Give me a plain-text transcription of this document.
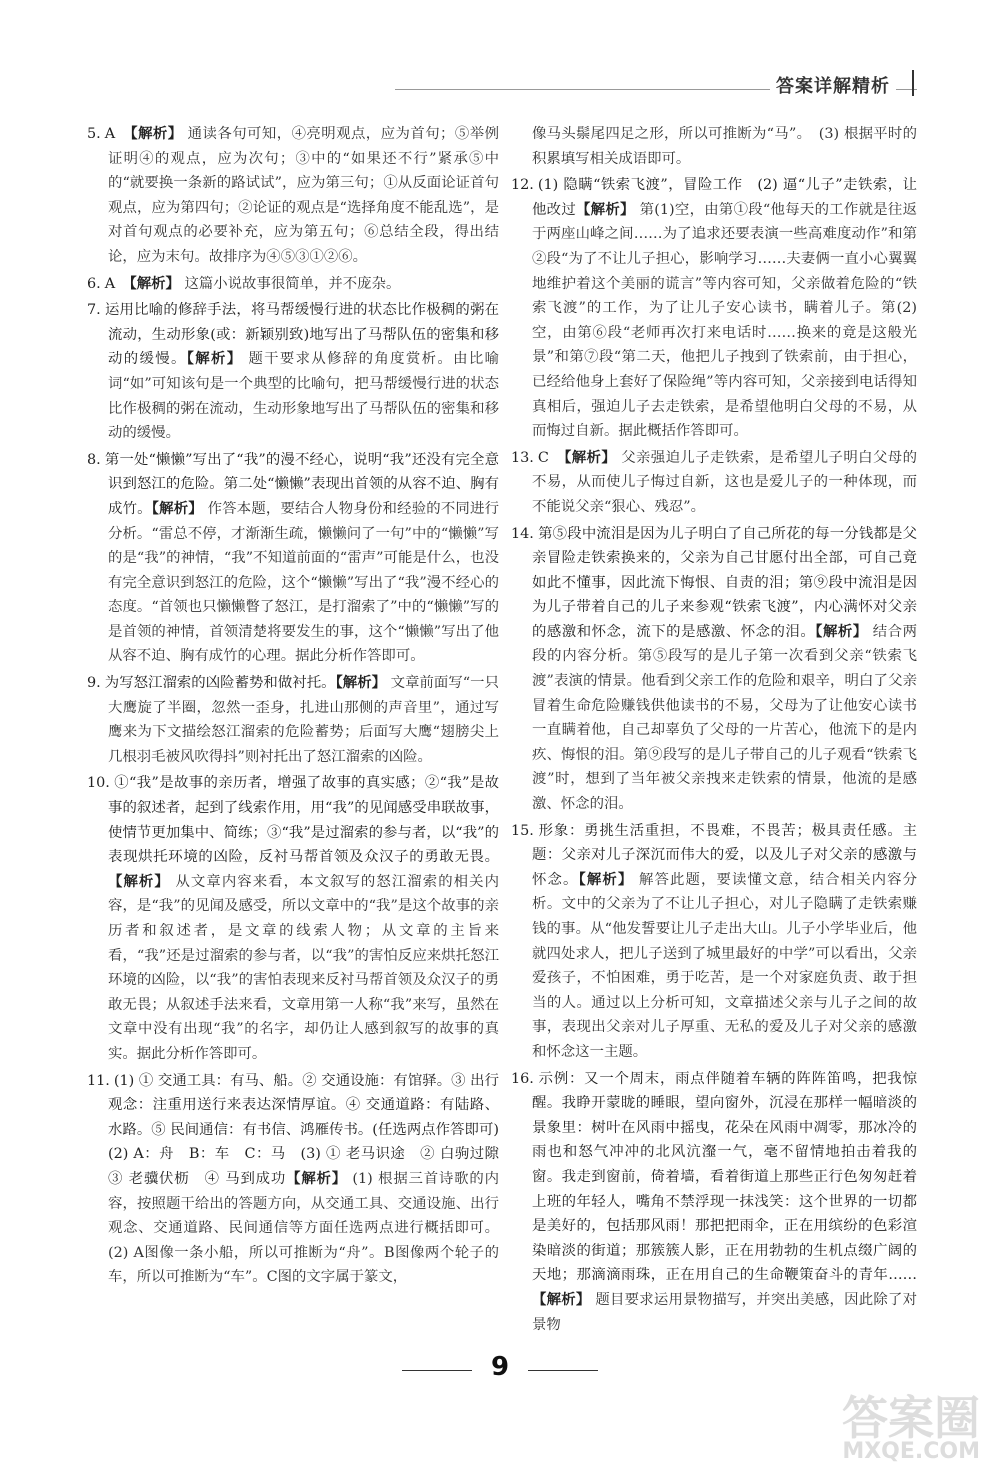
答案详解精析

5. A　【解析】 通读各句可知，④亮明观点，应为首句；⑤举例证明④的观点，应为次句；③中的“如果还不行”紧承⑤中的“就要换一条新的路试试”，应为第三句；①从反面论证首句观点，应为第四句；②论证的观点是“选择角度不能乱选”，是对首句观点的必要补充，应为第五句；⑥总结全段，得出结论，应为末句。故排序为④⑤③①②⑥。

6. A　【解析】 这篇小说故事很简单，并不庞杂。

7. 运用比喻的修辞手法，将马帮缓慢行进的状态比作极稠的粥在流动，生动形象(或：新颖别致)地写出了马帮队伍的密集和移动的缓慢。【解析】 题干要求从修辞的角度赏析。由比喻词“如”可知该句是一个典型的比喻句，把马帮缓慢行进的状态比作极稠的粥在流动，生动形象地写出了马帮队伍的密集和移动的缓慢。

8. 第一处“懒懒”写出了“我”的漫不经心，说明“我”还没有完全意识到怒江的危险。第二处“懒懒”表现出首领的从容不迫、胸有成竹。【解析】 作答本题，要结合人物身份和经验的不同进行分析。“雷总不停，才渐渐生疏，懒懒问了一句”中的“懒懒”写的是“我”的神情，“我”不知道前面的“雷声”可能是什么，也没有完全意识到怒江的危险，这个“懒懒”写出了“我”漫不经心的态度。“首领也只懒懒瞥了怒江，是打溜索了”中的“懒懒”写的是首领的神情，首领清楚将要发生的事，这个“懒懒”写出了他从容不迫、胸有成竹的心理。据此分析作答即可。

9. 为写怒江溜索的凶险蓄势和做衬托。【解析】 文章前面写“一只大鹰旋了半圈，忽然一歪身，扎进山那侧的声音里”，通过写鹰来为下文描绘怒江溜索的危险蓄势；后面写大鹰“翅膀尖上几根羽毛被风吹得抖”则衬托出了怒江溜索的凶险。

10. ①“我”是故事的亲历者，增强了故事的真实感；②“我”是故事的叙述者，起到了线索作用，用“我”的见闻感受串联故事，使情节更加集中、简练；③“我”是过溜索的参与者，以“我”的表现烘托环境的凶险，反衬马帮首领及众汉子的勇敢无畏。【解析】 从文章内容来看，本文叙写的怒江溜索的相关内容，是“我”的见闻及感受，所以文章中的“我”是这个故事的亲历者和叙述者，是文章的线索人物；从文章的主旨来看，“我”还是过溜索的参与者，以“我”的害怕反应来烘托怒江环境的凶险，以“我”的害怕表现来反衬马帮首领及众汉子的勇敢无畏；从叙述手法来看，文章用第一人称“我”来写，虽然在文章中没有出现“我”的名字，却仍让人感到叙写的故事的真实。据此分析作答即可。

11. (1) ① 交通工具：有马、船。② 交通设施：有馆驿。③ 出行观念：注重用送行来表达深情厚谊。④ 交通道路：有陆路、水路。⑤ 民间通信：有书信、鸿雁传书。(任选两点作答即可)　(2) A：舟　B：车　C：马　(3) ① 老马识途　② 白驹过隙　③ 老骥伏枥　④ 马到成功【解析】 (1) 根据三首诗歌的内容，按照题干给出的答题方向，从交通工具、交通设施、出行观念、交通道路、民间通信等方面任选两点进行概括即可。(2) A图像一条小船，所以可推断为“舟”。B图像两个轮子的车，所以可推断为“车”。C图的文字属于篆文，

像马头鬃尾四足之形，所以可推断为“马”。　(3) 根据平时的积累填写相关成语即可。

12. (1) 隐瞒“铁索飞渡”，冒险工作　(2) 逼“儿子”走铁索，让他改过【解析】 第(1)空，由第①段“他每天的工作就是往返于两座山峰之间……为了追求还要表演一些高难度动作”和第②段“为了不让儿子担心，影响学习……夫妻俩一直小心翼翼地维护着这个美丽的谎言”等内容可知，父亲做着危险的“铁索飞渡”的工作，为了让儿子安心读书，瞒着儿子。第(2)空，由第⑥段“老师再次打来电话时……换来的竟是这般光景”和第⑦段“第二天，他把儿子拽到了铁索前，由于担心，已经给他身上套好了保险绳”等内容可知，父亲接到电话得知真相后，强迫儿子去走铁索，是希望他明白父母的不易，从而悔过自新。据此概括作答即可。

13. C　【解析】 父亲强迫儿子走铁索，是希望儿子明白父母的不易，从而使儿子悔过自新，这也是爱儿子的一种体现，而不能说父亲“狠心、残忍”。

14. 第⑤段中流泪是因为儿子明白了自己所花的每一分钱都是父亲冒险走铁索换来的，父亲为自己甘愿付出全部，可自己竟如此不懂事，因此流下悔恨、自责的泪；第⑨段中流泪是因为儿子带着自己的儿子来参观“铁索飞渡”，内心满怀对父亲的感激和怀念，流下的是感激、怀念的泪。【解析】 结合两段的内容分析。第⑤段写的是儿子第一次看到父亲“铁索飞渡”表演的情景。他看到父亲工作的危险和艰辛，明白了父亲冒着生命危险赚钱供他读书的不易，父母为了让他安心读书一直瞒着他，自己却辜负了父母的一片苦心，他流下的是内疚、悔恨的泪。第⑨段写的是儿子带自己的儿子观看“铁索飞渡”时，想到了当年被父亲拽来走铁索的情景，他流的是感激、怀念的泪。

15. 形象：勇挑生活重担，不畏难，不畏苦；极具责任感。主题：父亲对儿子深沉而伟大的爱，以及儿子对父亲的感激与怀念。【解析】 解答此题，要读懂文意，结合相关内容分析。文中的父亲为了不让儿子担心，对儿子隐瞒了走铁索赚钱的事。从“他发誓要让儿子走出大山。儿子小学毕业后，他就四处求人，把儿子送到了城里最好的中学”可以看出，父亲爱孩子，不怕困难，勇于吃苦，是一个对家庭负责、敢于担当的人。通过以上分析可知，文章描述父亲与儿子之间的故事，表现出父亲对儿子厚重、无私的爱及儿子对父亲的感激和怀念这一主题。

16. 示例：又一个周末，雨点伴随着车辆的阵阵笛鸣，把我惊醒。我睁开蒙眬的睡眼，望向窗外，沉浸在那样一幅暗淡的景象里：树叶在风雨中摇曳，花朵在风雨中凋零，那冰冷的雨也和怒气冲冲的北风沆瀣一气，毫不留情地拍击着我的窗。我走到窗前，倚着墙，看着街道上那些正行色匆匆赶着上班的年轻人，嘴角不禁浮现一抹浅笑：这个世界的一切都是美好的，包括那风雨！那把把雨伞，正在用缤纷的色彩渲染暗淡的街道；那簇簇人影，正在用勃勃的生机点缀广阔的天地；那滴滴雨珠，正在用自己的生命鞭策奋斗的青年……【解析】 题目要求运用景物描写，并突出美感，因此除了对景物

9
答案圈
MXQE.COM
